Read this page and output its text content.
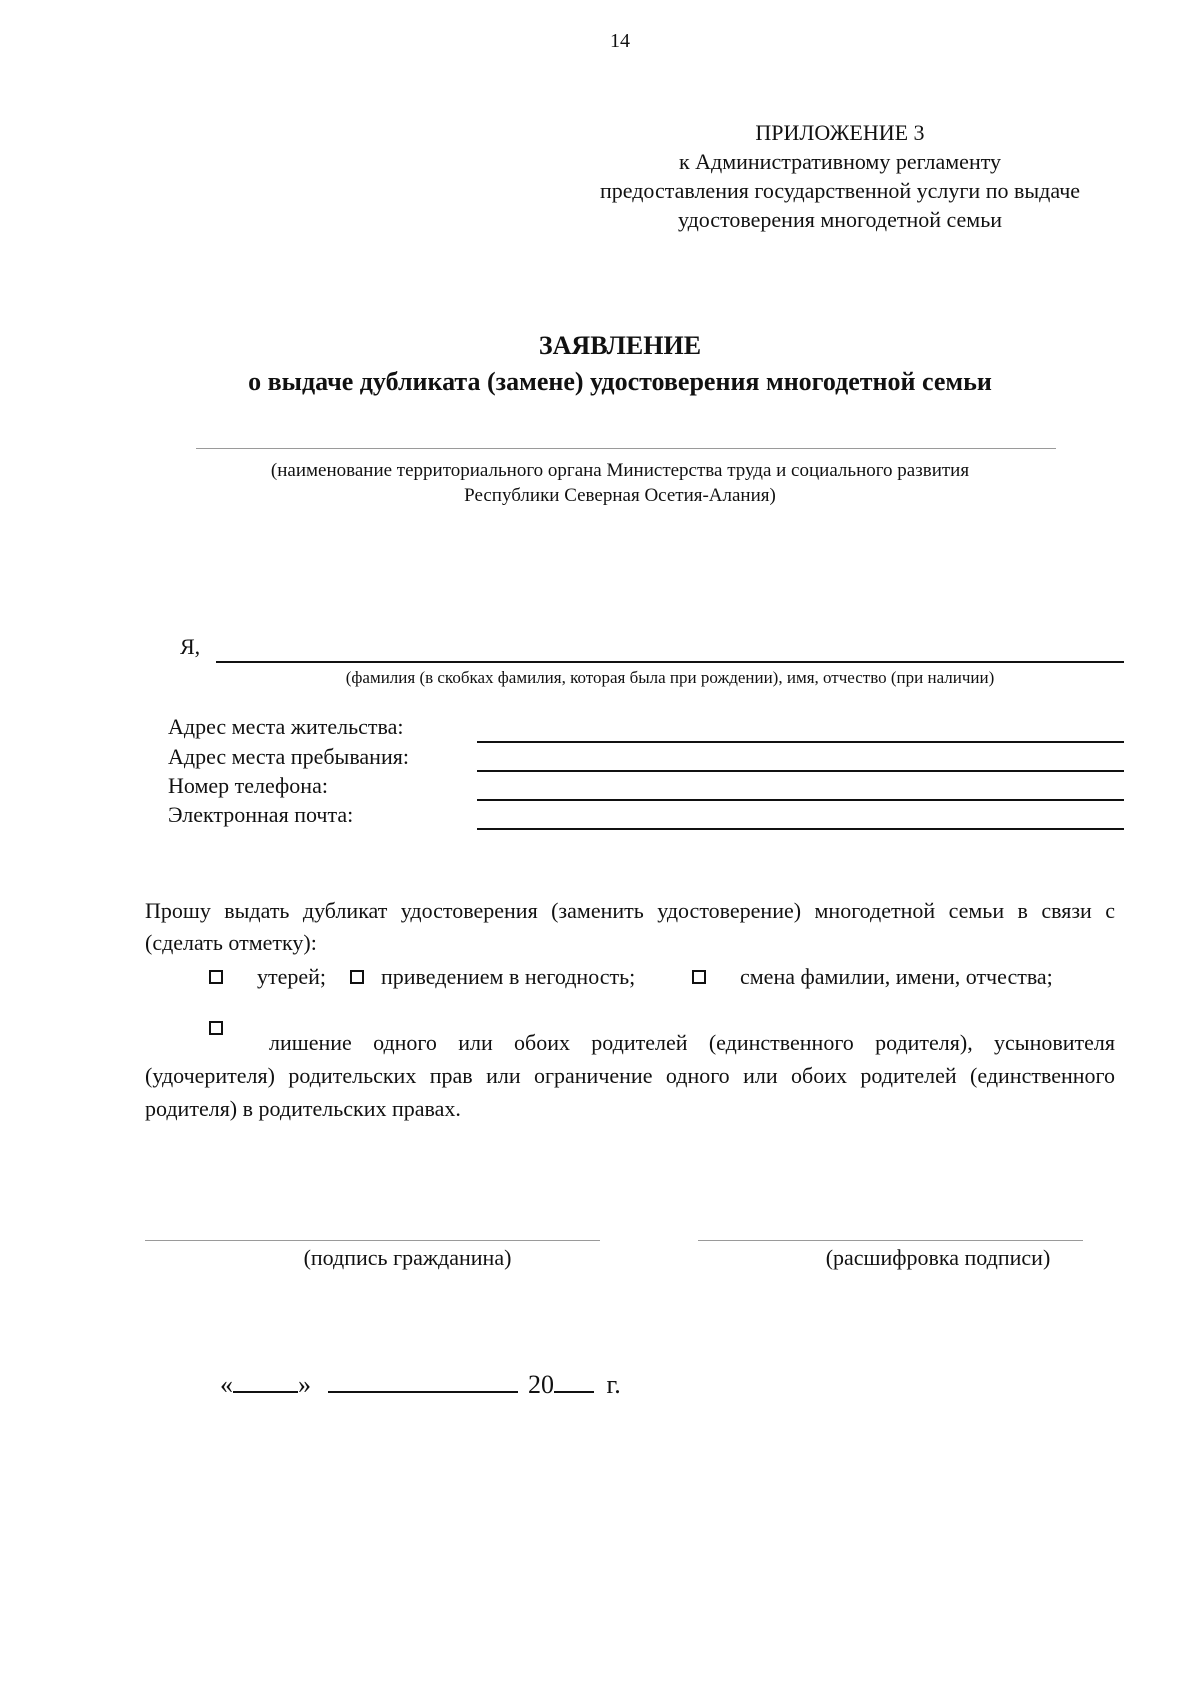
14
ПРИЛОЖЕНИЕ 3
к Административному регламенту
предоставления государственной услуги по выдаче
удостоверения многодетной семьи
ЗАЯВЛЕНИЕ
о выдаче дубликата (замене) удостоверения многодетной семьи
(наименование территориального органа Министерства труда и социального развития
Республики Северная Осетия-Алания)
Я,
(фамилия (в скобках фамилия, которая была при рождении), имя, отчество (при наличии)
Адрес места жительства:
Адрес места пребывания:
Номер телефона:
Электронная почта:
Прошу выдать дубликат удостоверения (заменить удостоверение) многодетной семьи в связи с (сделать отметку):
утерей; приведением в негодность;	смена фамилии, имени, отчества;
лишение одного или обоих родителей (единственного родителя), усыновителя (удочерителя) родительских прав или ограничение одного или обоих родителей (единственного родителя) в родительских правах.
(подпись гражданина)	(расшифровка подписи)
«	»	20 г.
